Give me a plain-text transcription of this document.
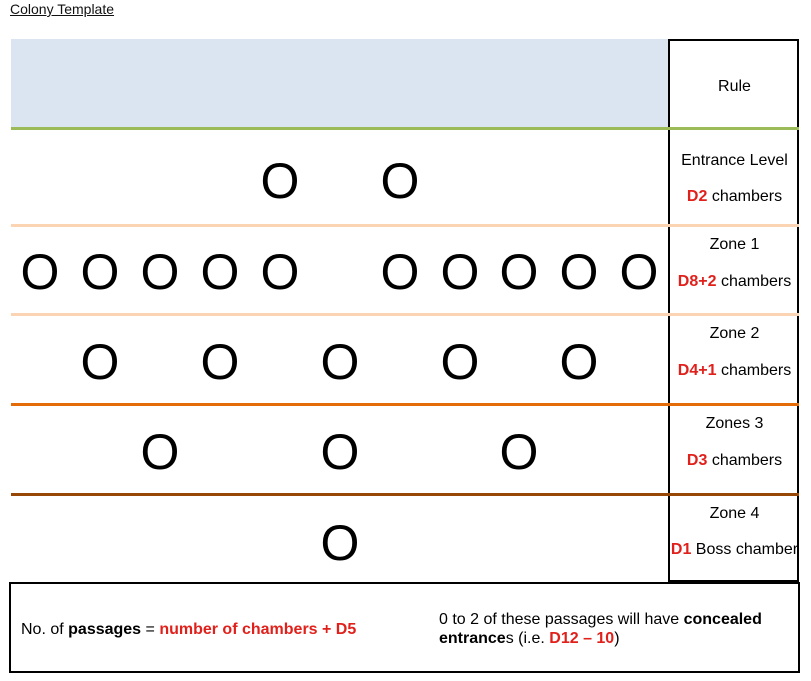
Colony Template
Rule
Entrance Level
D2 chambers
Zone 1
D8+2 chambers
Zone 2
D4+1 chambers
Zones 3
D3 chambers
Zone 4
D1 Boss chamber
O O
O O O O O O O O O O
O O O O O
O	O	O
O
No. of passages = number of chambers + D5
0 to 2 of these passages will have concealed
entrances (i.e. D12 – 10)
